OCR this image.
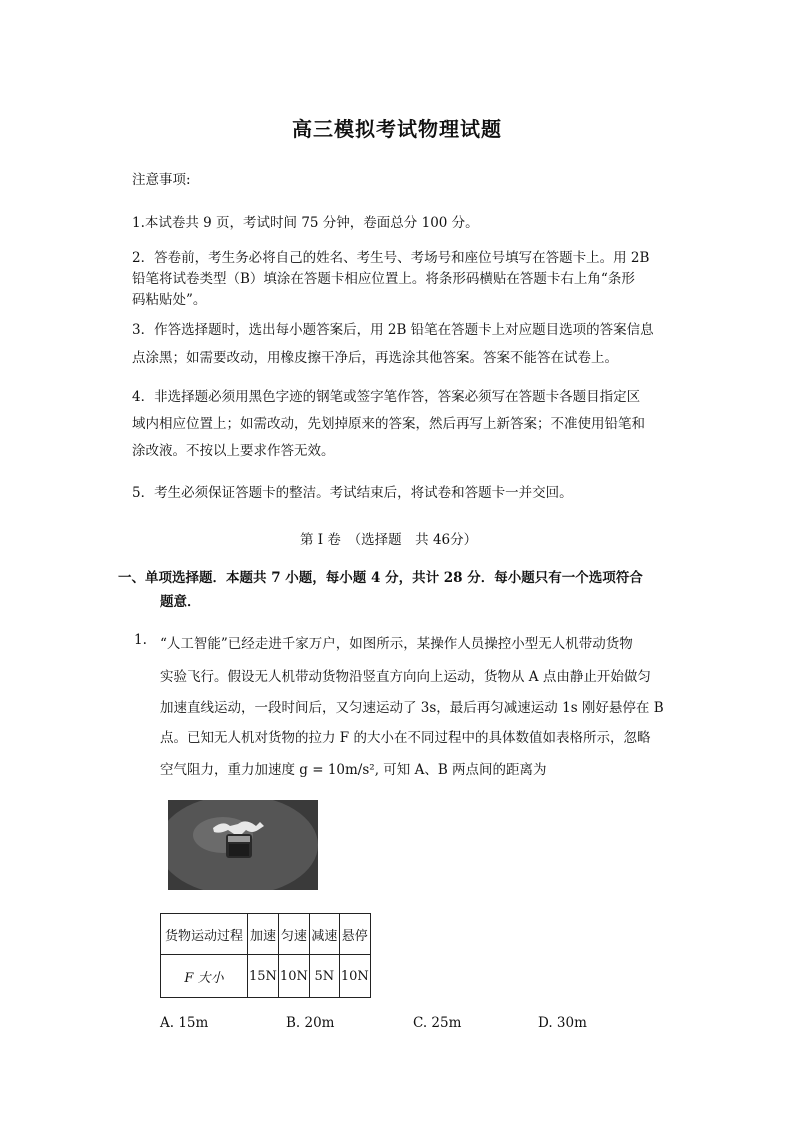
高三模拟考试物理试题
注意事项:
1.本试卷共 9 页，考试时间 75 分钟，卷面总分 100 分。
2．答卷前，考生务必将自己的姓名、考生号、考场号和座位号填写在答题卡上。用 2B
铅笔将试卷类型（B）填涂在答题卡相应位置上。将条形码横贴在答题卡右上角“条形
码粘贴处”。
3．作答选择题时，选出每小题答案后，用 2B 铅笔在答题卡上对应题目选项的答案信息
点涂黑；如需要改动，用橡皮擦干净后，再选涂其他答案。答案不能答在试卷上。
4．非选择题必须用黑色字迹的钢笔或签字笔作答，答案必须写在答题卡各题目指定区
域内相应位置上；如需改动，先划掉原来的答案，然后再写上新答案；不准使用铅笔和
涂改液。不按以上要求作答无效。
5．考生必须保证答题卡的整洁。考试结束后，将试卷和答题卡一并交回。
第 I 卷　（选择题　共 46分）
一、单项选择题．本题共 7 小题，每小题 4 分，共计 28 分．每小题只有一个选项符合
题意．
1. “人工智能”已经走进千家万户，如图所示，某操作人员操控小型无人机带动货物
实验飞行。假设无人机带动货物沿竖直方向向上运动，货物从 A 点由静止开始做匀
加速直线运动，一段时间后，又匀速运动了 3s，最后再匀减速运动 1s 刚好悬停在 B
点。已知无人机对货物的拉力 F 的大小在不同过程中的具体数值如表格所示，忽略
空气阻力，重力加速度 g = 10m/s², 可知 A、B 两点间的距离为
货物运动过程	加速	匀速	减速	悬停
F 大小	15N	10N	5N	10N
A. 15m	B. 20m	C. 25m	D. 30m
